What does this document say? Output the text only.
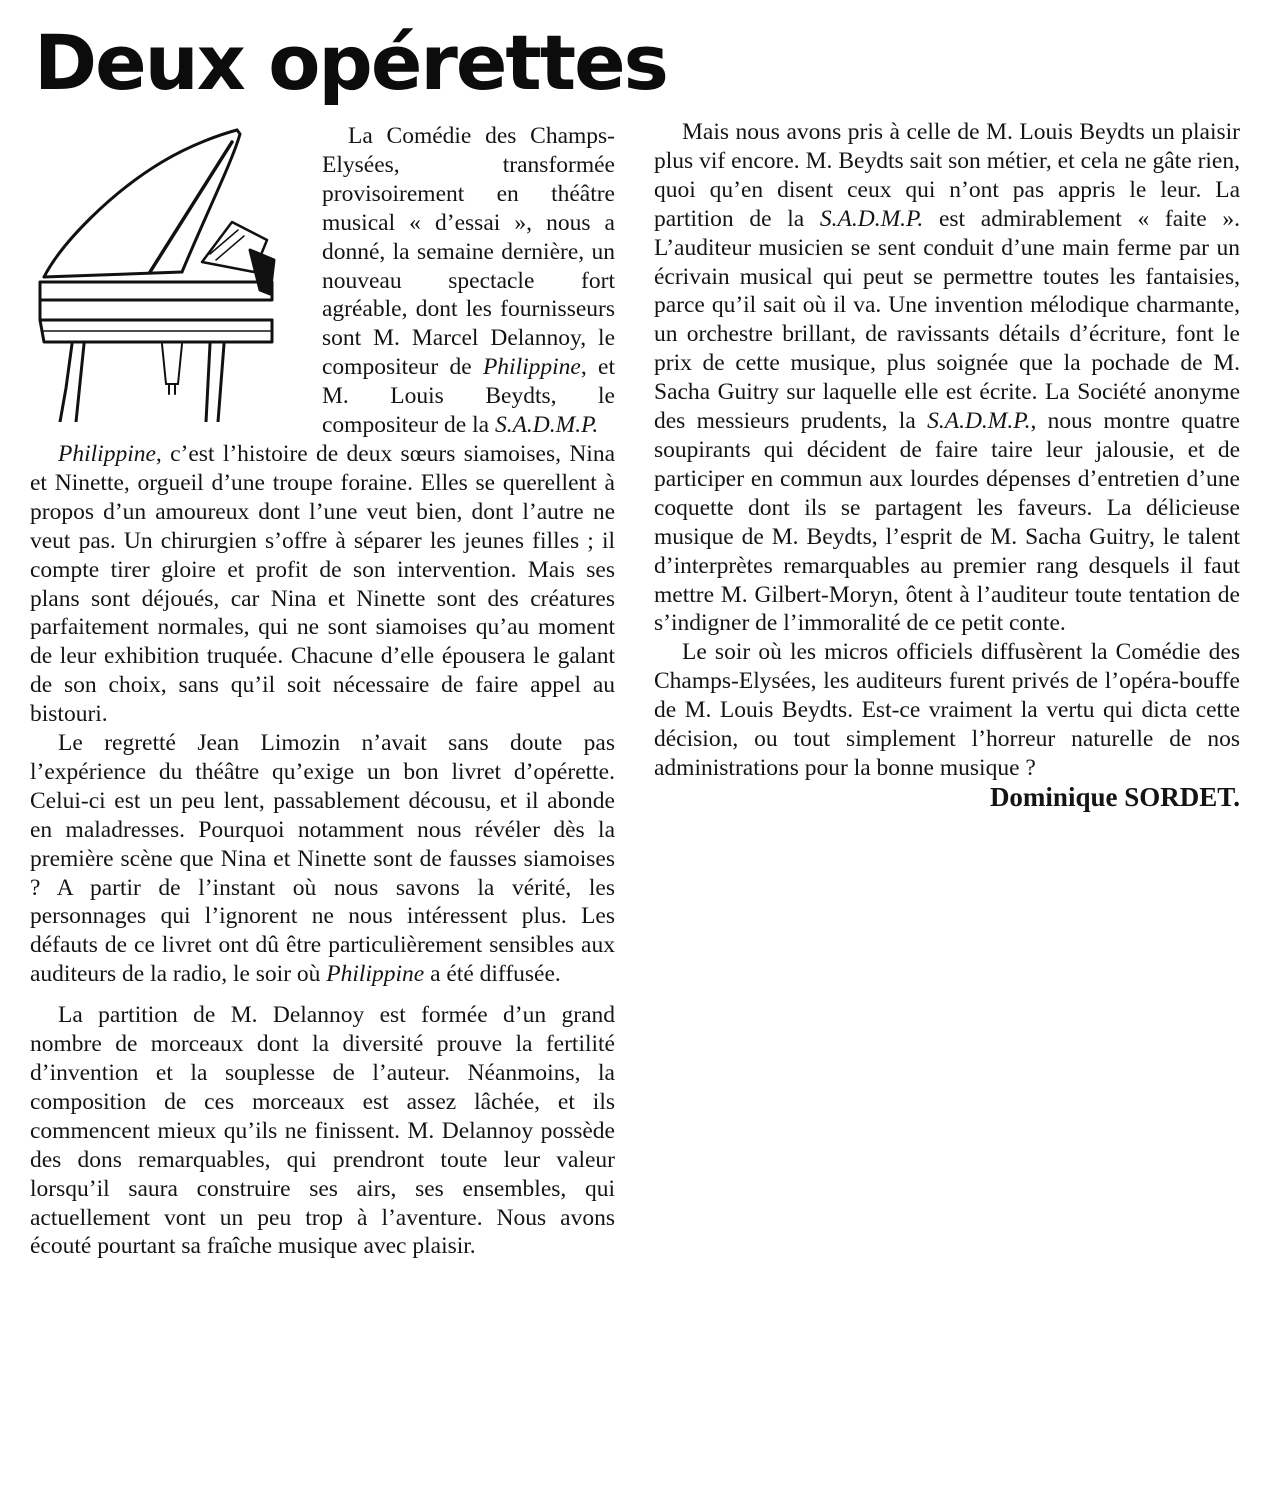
Deux opérettes

La Comédie des Champs-Elysées, transformée provisoirement en théâtre musical « d’essai », nous a donné, la semaine dernière, un nouveau spectacle fort agréable, dont les fournisseurs sont M. Marcel Delannoy, le compositeur de Philippine, et M. Louis Beydts, le compositeur de la S.A.D.M.P.

Philippine, c’est l’histoire de deux sœurs siamoises, Nina et Ninette, orgueil d’une troupe foraine. Elles se querellent à propos d’un amoureux dont l’une veut bien, dont l’autre ne veut pas. Un chirurgien s’offre à séparer les jeunes filles ; il compte tirer gloire et profit de son intervention. Mais ses plans sont déjoués, car Nina et Ninette sont des créatures parfaitement normales, qui ne sont siamoises qu’au moment de leur exhibition truquée. Chacune d’elle épousera le galant de son choix, sans qu’il soit nécessaire de faire appel au bistouri.

Le regretté Jean Limozin n’avait sans doute pas l’expérience du théâtre qu’exige un bon livret d’opérette. Celui-ci est un peu lent, passablement décousu, et il abonde en maladresses. Pourquoi notamment nous révéler dès la première scène que Nina et Ninette sont de fausses siamoises ? A partir de l’instant où nous savons la vérité, les personnages qui l’ignorent ne nous intéressent plus. Les défauts de ce livret ont dû être particulièrement sensibles aux auditeurs de la radio, le soir où Philippine a été diffusée.

La partition de M. Delannoy est formée d’un grand nombre de morceaux dont la diversité prouve la fertilité d’invention et la souplesse de l’auteur. Néanmoins, la composition de ces morceaux est assez lâchée, et ils commencent mieux qu’ils ne finissent. M. Delannoy possède des dons remarquables, qui prendront toute leur valeur lorsqu’il saura construire ses airs, ses ensembles, qui actuellement vont un peu trop à l’aventure. Nous avons écouté pourtant sa fraîche musique avec plaisir.

Mais nous avons pris à celle de M. Louis Beydts un plaisir plus vif encore. M. Beydts sait son métier, et cela ne gâte rien, quoi qu’en disent ceux qui n’ont pas appris le leur. La partition de la S.A.D.M.P. est admirablement « faite ». L’auditeur musicien se sent conduit d’une main ferme par un écrivain musical qui peut se permettre toutes les fantaisies, parce qu’il sait où il va. Une invention mélodique charmante, un orchestre brillant, de ravissants détails d’écriture, font le prix de cette musique, plus soignée que la pochade de M. Sacha Guitry sur laquelle elle est écrite. La Société anonyme des messieurs prudents, la S.A.D.M.P., nous montre quatre soupirants qui décident de faire taire leur jalousie, et de participer en commun aux lourdes dépenses d’entretien d’une coquette dont ils se partagent les faveurs. La délicieuse musique de M. Beydts, l’esprit de M. Sacha Guitry, le talent d’interprètes remarquables au premier rang desquels il faut mettre M. Gilbert-Moryn, ôtent à l’auditeur toute tentation de s’indigner de l’immoralité de ce petit conte.

Le soir où les micros officiels diffusèrent la Comédie des Champs-Elysées, les auditeurs furent privés de l’opéra-bouffe de M. Louis Beydts. Est-ce vraiment la vertu qui dicta cette décision, ou tout simplement l’horreur naturelle de nos administrations pour la bonne musique ?

Dominique SORDET.
